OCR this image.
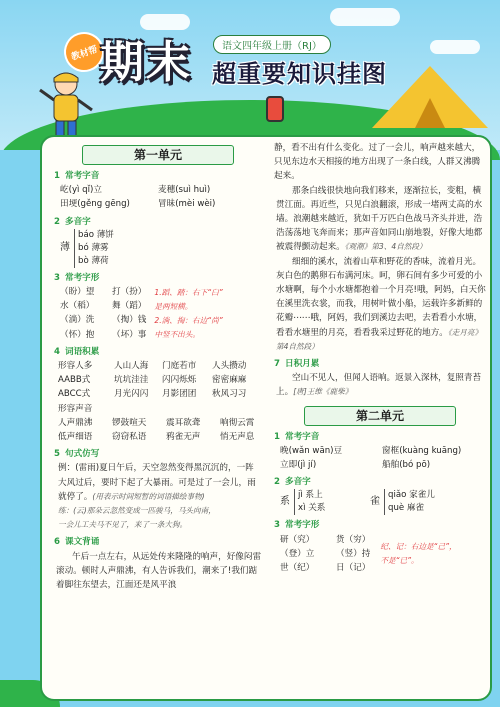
教材帮 期末	语文四年级上册（RJ）
超重要知识挂图
第一单元
1 常考字音
屹(yì qǐ)立	麦穗(suì huì)
田埂(gěng gēng)	冒昧(mèi wèi)
2 多音字
薄
báo 薄饼
bó 薄雾
bò 薄荷
3 常考字形
（盼）望	打（扮）
水（稻）	舞（蹈）
（淌）洗	（掏）钱
（怀）抱	（坏）事
1.蹈、踏：右下“臼”
是两短横。
2.淌、掏：右边“尚”
中竖不出头。
4 词语积累
形容人多	人山人海	门庭若市	人头攒动
AABB式	坑坑洼洼	闪闪烁烁	密密麻麻
ABCC式	月光闪闪	月影团团	秋风习习
形容声音
人声鼎沸	锣鼓喧天	震耳欲聋	响彻云霄
低声细语	窃窃私语	鸦雀无声	悄无声息
5 句式仿写
例：(雷雨)夏日午后，天空忽然变得黑沉沉的，一阵大风过后，要时下起了大暴雨。可是过了一会儿，雨就停了。(用表示时间短暂的词语描绘事物)
练：(云)那朵云忽然变成一匹骏马，马头向南，
一会儿工夫马不见了，来了一条大狗。
6 课文背诵
午后一点左右，从远处传来隆隆的响声，好像闷雷滚动。顿时人声鼎沸，有人告诉我们，潮来了!我们踮着脚往东望去，江面还是风平浪
静，看不出有什么变化。过了一会儿，响声越来越大，只见东边水天相接的地方出现了一条白线，人群又沸腾起来。
那条白线很快地向我们移来，逐渐拉长，变粗，横贯江面。再近些，只见白浪翻滚，形成一堵两丈高的水墙。浪潮越来越近，犹如千万匹白色战马齐头并进，浩浩荡荡地飞奔而来；那声音如同山崩地裂，好像大地都被震得颤动起来。《观潮》第3、4自然段）
细细的溪水，流着山草和野花的香味，流着月光。灰白色的鹅卵石布满河床。呵，卵石间有多少可爱的小水塘啊，每个小水塘都抱着一个月亮!哦，阿妈，白天你在溪里洗衣裳，而我，用树叶做小船，运载许多新鲜的花瓣⋯⋯哦，阿妈，我们到溪边去吧，去看看小水塘，看看水塘里的月亮，看看我采过野花的地方。《走月亮》第4自然段）
7 日积月累
空山不见人，但闻人语响。返景入深林，复照青苔上。[唐]王维《鹿柴》
第二单元
1 常考字音
晚(wǎn wān)豆	窗框(kuàng kuāng)
立即(jì jí)	船舶(bó pō)
2 多音字
系
jì 系上
xì 关系
雀
qiǎo 家雀儿
què 麻雀
3 常考字形
研（究）	货（穷）
（登）立	（竖）持
世（纪）	日（记）
纪、记：右边是“己”，
不是“已”。
